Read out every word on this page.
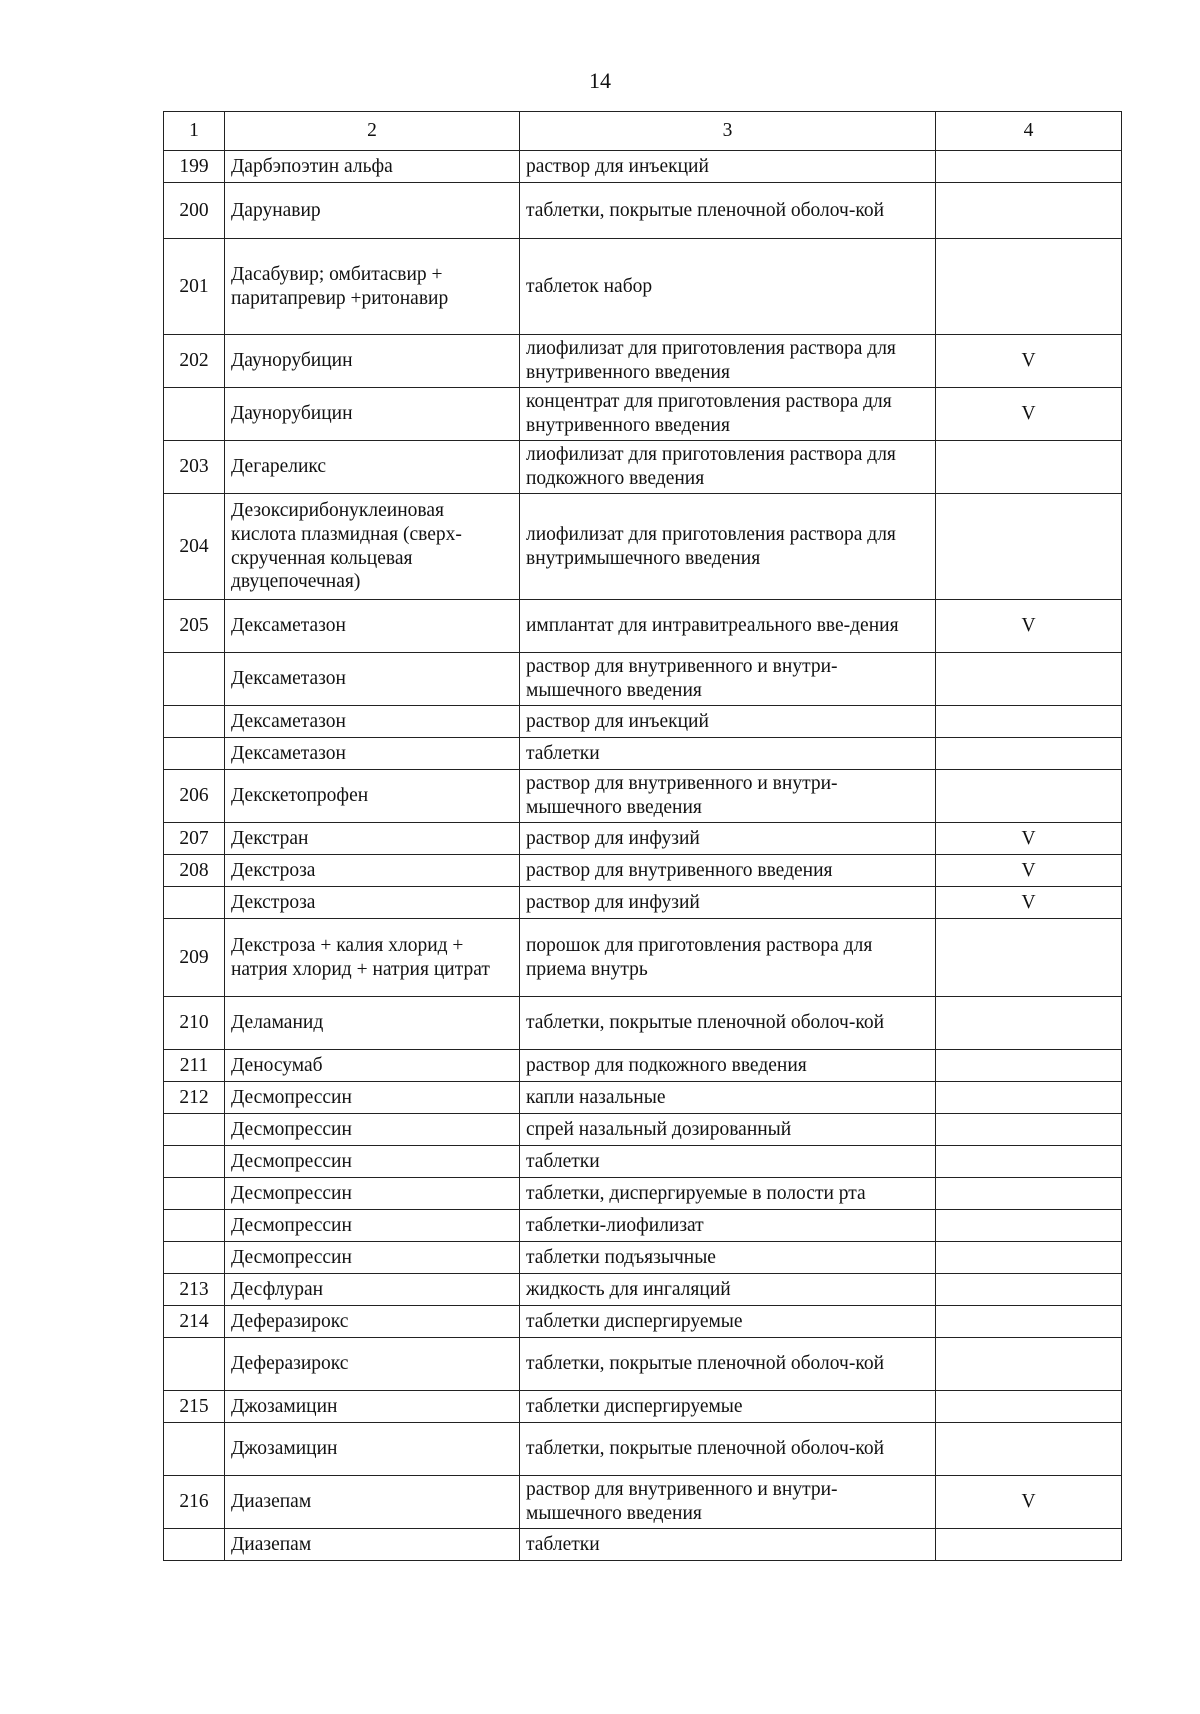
14
1	2	3	4
199	Дарбэпоэтин альфа	раствор для инъекций	
200	Дарунавир	таблетки, покрытые пленочной оболоч-кой	
201	Дасабувир; омбитасвир + паритапревир +ритонавир	таблеток набор	
202	Даунорубицин	лиофилизат для приготовления раствора для внутривенного введения	V
	Даунорубицин	концентрат для приготовления раствора для внутривенного введения	V
203	Дегареликс	лиофилизат для приготовления раствора для подкожного введения	
204	Дезоксирибонуклеиновая кислота плазмидная (сверх-скрученная кольцевая двуцепочечная)	лиофилизат для приготовления раствора для внутримышечного введения	
205	Дексаметазон	имплантат для интравитреального вве-дения	V
	Дексаметазон	раствор для внутривенного и внутри-мышечного введения	
	Дексаметазон	раствор для инъекций	
	Дексаметазон	таблетки	
206	Декскетопрофен	раствор для внутривенного и внутри-мышечного введения	
207	Декстран	раствор для инфузий	V
208	Декстроза	раствор для внутривенного введения	V
	Декстроза	раствор для инфузий	V
209	Декстроза + калия хлорид + натрия хлорид + натрия цитрат	порошок для приготовления раствора для приема внутрь	
210	Деламанид	таблетки, покрытые пленочной оболоч-кой	
211	Деносумаб	раствор для подкожного введения	
212	Десмопрессин	капли назальные	
	Десмопрессин	спрей назальный дозированный	
	Десмопрессин	таблетки	
	Десмопрессин	таблетки, диспергируемые в полости рта	
	Десмопрессин	таблетки-лиофилизат	
	Десмопрессин	таблетки подъязычные	
213	Десфлуран	жидкость для ингаляций	
214	Деферазирокс	таблетки диспергируемые	
	Деферазирокс	таблетки, покрытые пленочной оболоч-кой	
215	Джозамицин	таблетки диспергируемые	
	Джозамицин	таблетки, покрытые пленочной оболоч-кой	
216	Диазепам	раствор для внутривенного и внутри-мышечного введения	V
	Диазепам	таблетки	
